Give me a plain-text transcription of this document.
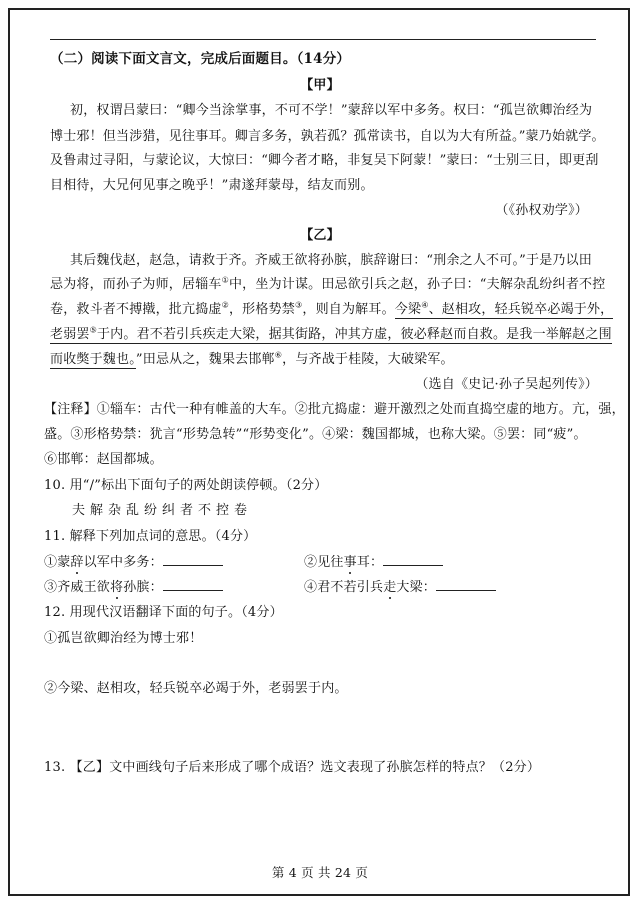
（二）阅读下面文言文，完成后面题目。（14分）
【甲】
初，权谓吕蒙曰：“卿今当涂掌事，不可不学！”蒙辞以军中多务。权曰：“孤岂欲卿治经为
博士邪！但当涉猎，见往事耳。卿言多务，孰若孤？孤常读书，自以为大有所益。”蒙乃始就学。
及鲁肃过寻阳，与蒙论议，大惊曰：“卿今者才略，非复吴下阿蒙！”蒙曰：“士别三日，即更刮
目相待，大兄何见事之晚乎！”肃遂拜蒙母，结友而别。
（《孙权劝学》）
【乙】
其后魏伐赵，赵急，请救于齐。齐威王欲将孙膑，膑辞谢曰：“刑余之人不可。”于是乃以田
忌为将，而孙子为师，居辎车①中，坐为计谋。田忌欲引兵之赵，孙子曰：“夫解杂乱纷纠者不控
卷，救斗者不搏撠，批亢捣虚②，形格势禁③，则自为解耳。今梁④、赵相攻，轻兵锐卒必竭于外，
老弱罢⑤于内。君不若引兵疾走大梁，据其街路，冲其方虚，彼必释赵而自救。是我一举解赵之围
而收獘于魏也。”田忌从之，魏果去邯郸⑥，与齐战于桂陵，大破梁军。
（选自《史记·孙子吴起列传》）
【注释】①辎车：古代一种有帷盖的大车。②批亢捣虚：避开激烈之处而直捣空虚的地方。亢，强，
盛。③形格势禁：犹言“形势急转”“形势变化”。④梁：魏国都城，也称大梁。⑤罢：同“疲”。
⑥邯郸：赵国都城。
10. 用“/”标出下面句子的两处朗读停顿。（2分）
夫解杂乱纷纠者不控卷
11. 解释下列加点词的意思。（4分）
①蒙辞以军中多务：	②见往事耳：
③齐威王欲将孙膑：	④君不若引兵走大梁：
12. 用现代汉语翻译下面的句子。（4分）
①孤岂欲卿治经为博士邪！
②今梁、赵相攻，轻兵锐卒必竭于外，老弱罢于内。
13. 【乙】文中画线句子后来形成了哪个成语？选文表现了孙膑怎样的特点？（2分）
第 4 页 共 24 页
